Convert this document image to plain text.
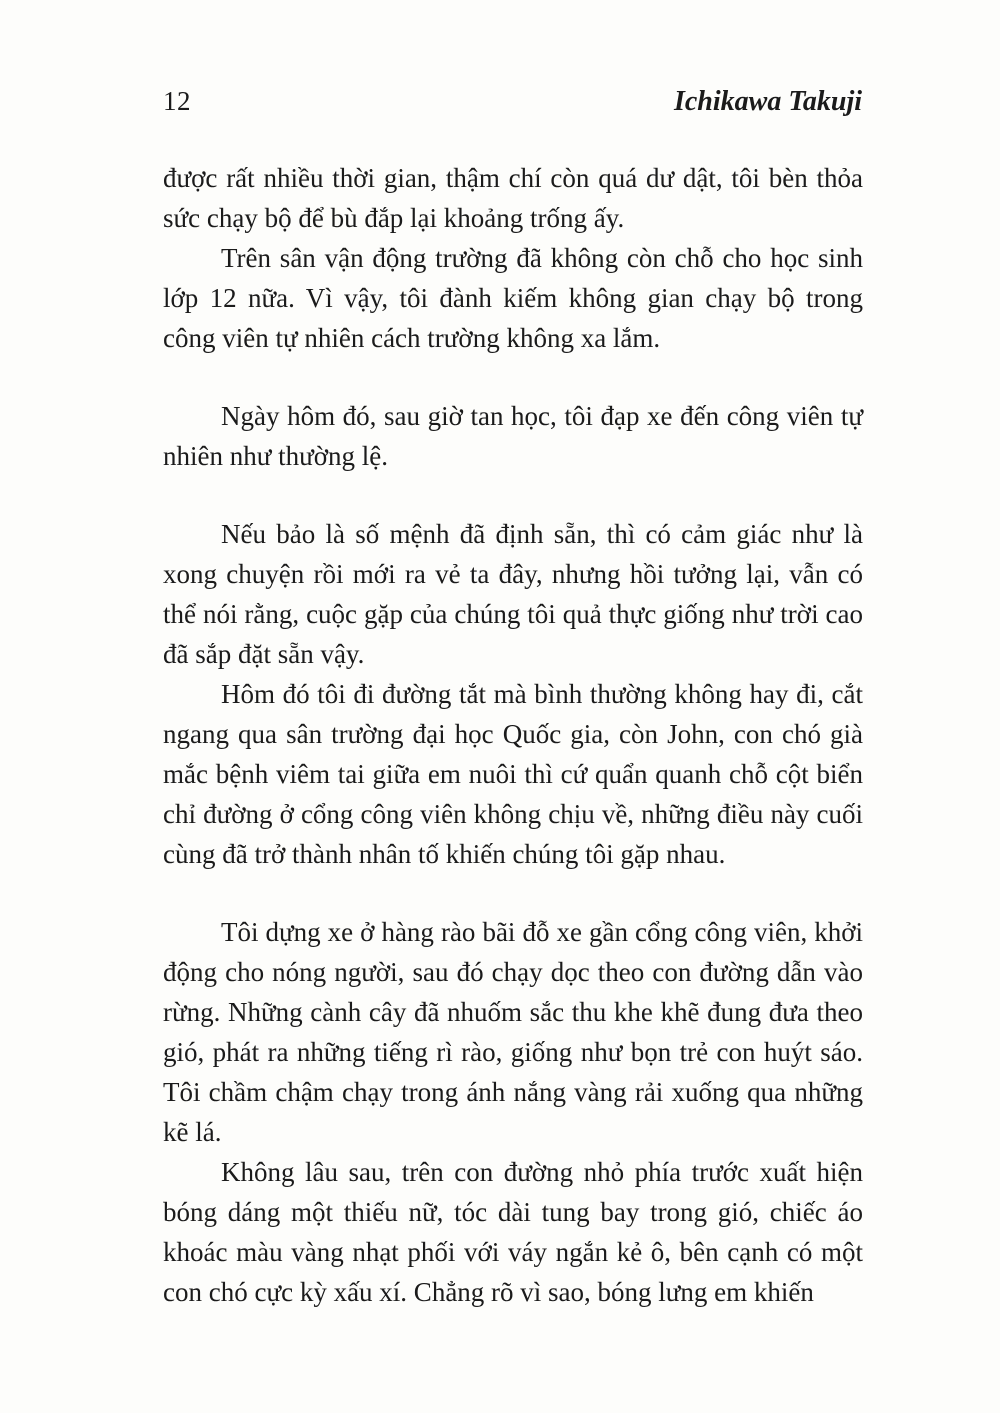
12	Ichikawa Takuji

được rất nhiều thời gian, thậm chí còn quá dư dật, tôi bèn thỏa sức chạy bộ để bù đắp lại khoảng trống ấy.

Trên sân vận động trường đã không còn chỗ cho học sinh lớp 12 nữa. Vì vậy, tôi đành kiếm không gian chạy bộ trong công viên tự nhiên cách trường không xa lắm.

Ngày hôm đó, sau giờ tan học, tôi đạp xe đến công viên tự nhiên như thường lệ.

Nếu bảo là số mệnh đã định sẵn, thì có cảm giác như là xong chuyện rồi mới ra vẻ ta đây, nhưng hồi tưởng lại, vẫn có thể nói rằng, cuộc gặp của chúng tôi quả thực giống như trời cao đã sắp đặt sẵn vậy.

Hôm đó tôi đi đường tắt mà bình thường không hay đi, cắt ngang qua sân trường đại học Quốc gia, còn John, con chó già mắc bệnh viêm tai giữa em nuôi thì cứ quẩn quanh chỗ cột biển chỉ đường ở cổng công viên không chịu về, những điều này cuối cùng đã trở thành nhân tố khiến chúng tôi gặp nhau.

Tôi dựng xe ở hàng rào bãi đỗ xe gần cổng công viên, khởi động cho nóng người, sau đó chạy dọc theo con đường dẫn vào rừng. Những cành cây đã nhuốm sắc thu khe khẽ đung đưa theo gió, phát ra những tiếng rì rào, giống như bọn trẻ con huýt sáo. Tôi chầm chậm chạy trong ánh nắng vàng rải xuống qua những kẽ lá.

Không lâu sau, trên con đường nhỏ phía trước xuất hiện bóng dáng một thiếu nữ, tóc dài tung bay trong gió, chiếc áo khoác màu vàng nhạt phối với váy ngắn kẻ ô, bên cạnh có một con chó cực kỳ xấu xí. Chẳng rõ vì sao, bóng lưng em khiến
